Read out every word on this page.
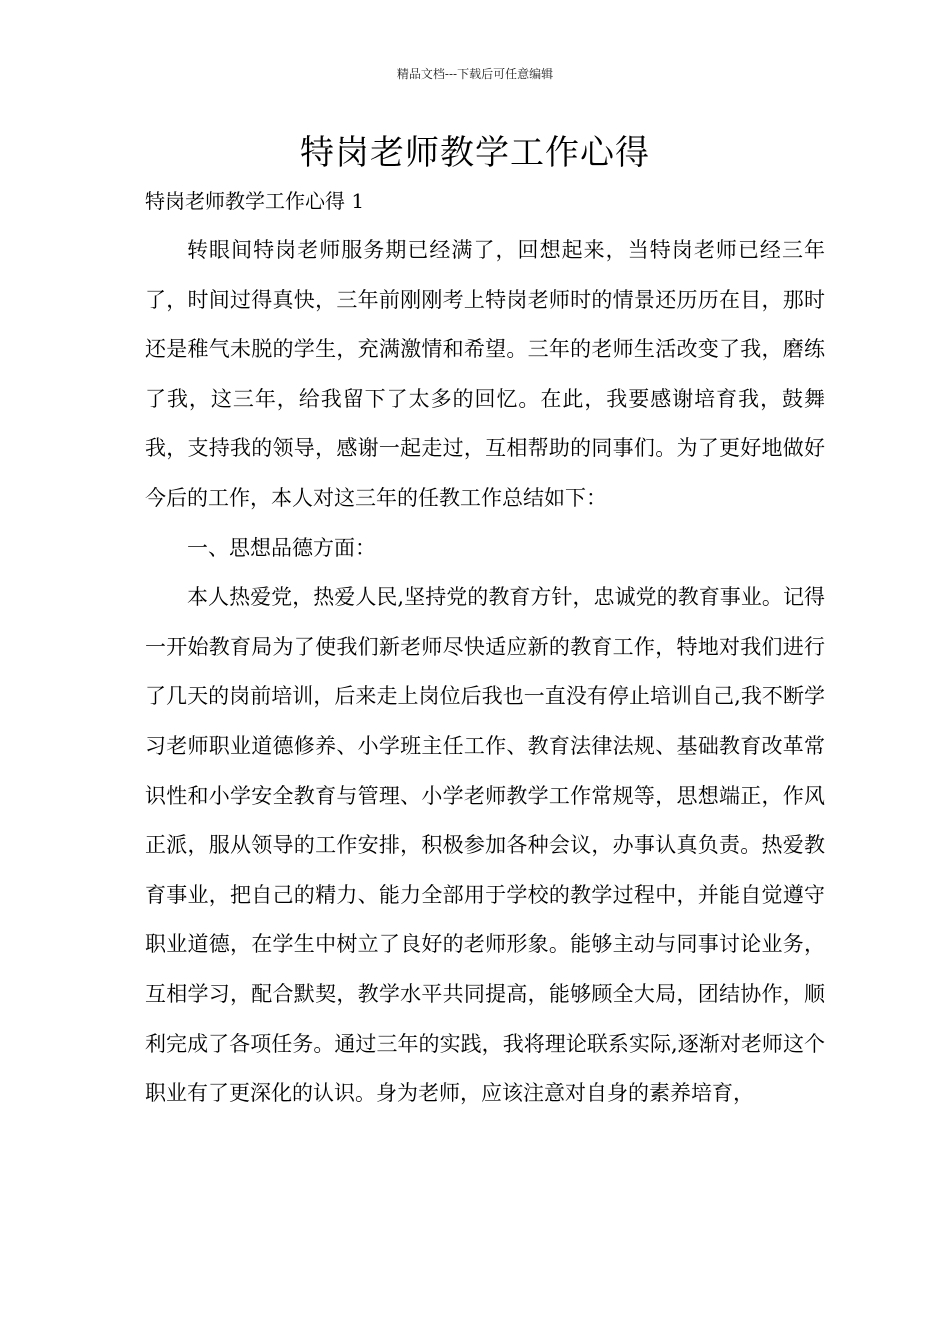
精品文档---下载后可任意编辑
特岗老师教学工作心得
特岗老师教学工作心得 1

转眼间特岗老师服务期已经满了，回想起来，当特岗老师已经三年了，时间过得真快，三年前刚刚考上特岗老师时的情景还历历在目，那时还是稚气未脱的学生，充满激情和希望。三年的老师生活改变了我，磨练了我，这三年，给我留下了太多的回忆。在此，我要感谢培育我，鼓舞我，支持我的领导，感谢一起走过，互相帮助的同事们。为了更好地做好今后的工作，本人对这三年的任教工作总结如下：

一、思想品德方面：

本人热爱党，热爱人民,坚持党的教育方针，忠诚党的教育事业。记得一开始教育局为了使我们新老师尽快适应新的教育工作，特地对我们进行了几天的岗前培训，后来走上岗位后我也一直没有停止培训自己,我不断学习老师职业道德修养、小学班主任工作、教育法律法规、基础教育改革常识性和小学安全教育与管理、小学老师教学工作常规等，思想端正，作风正派，服从领导的工作安排，积极参加各种会议，办事认真负责。热爱教育事业，把自己的精力、能力全部用于学校的教学过程中，并能自觉遵守职业道德，在学生中树立了良好的老师形象。能够主动与同事讨论业务，互相学习，配合默契，教学水平共同提高，能够顾全大局，团结协作，顺利完成了各项任务。通过三年的实践，我将理论联系实际,逐渐对老师这个职业有了更深化的认识。身为老师，应该注意对自身的素养培育，
